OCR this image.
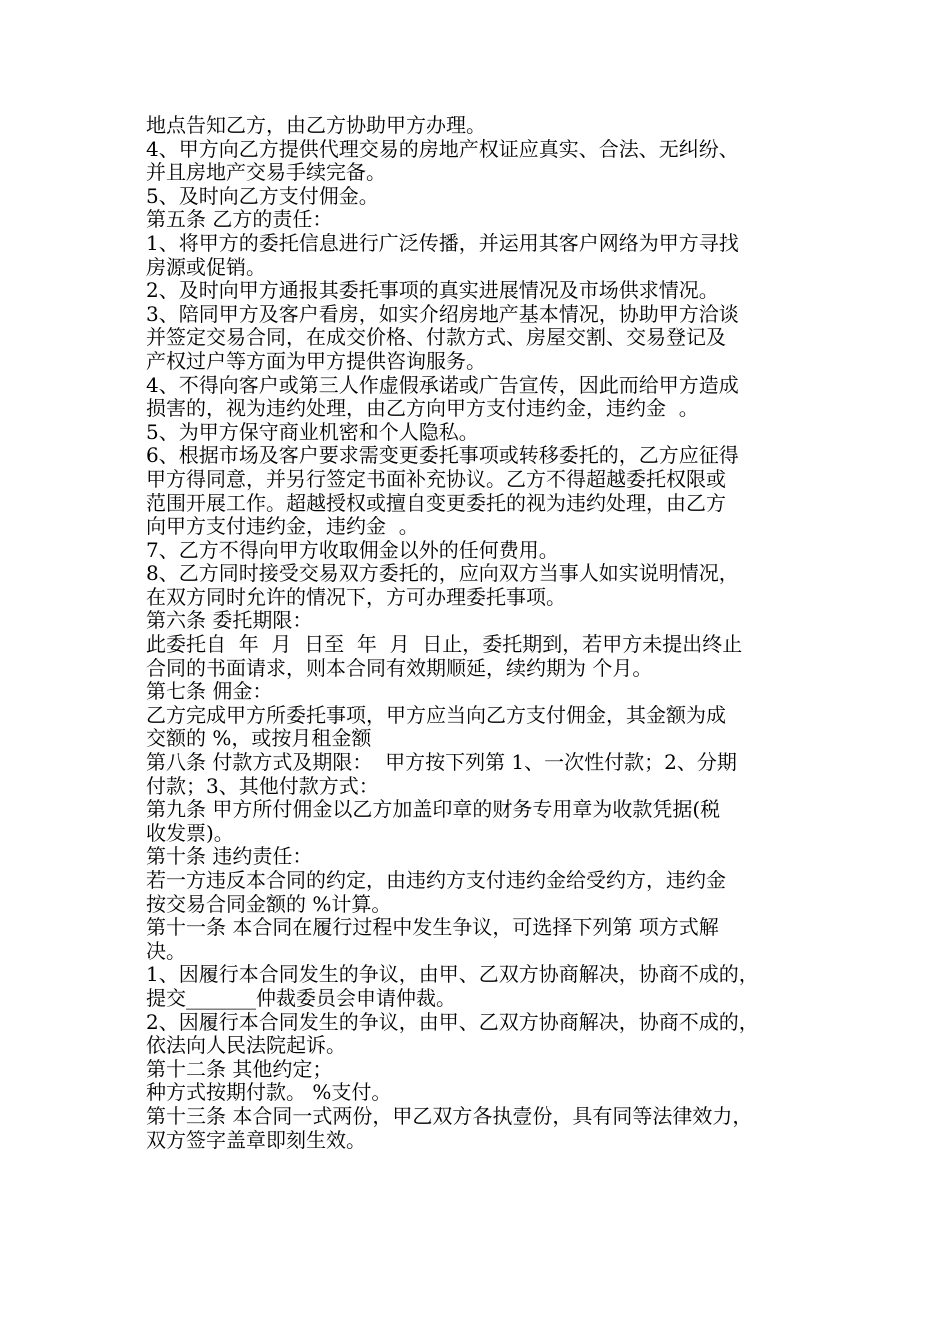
地点告知乙方，由乙方协助甲方办理。
4、甲方向乙方提供代理交易的房地产权证应真实、合法、无纠纷、
并且房地产交易手续完备。
5、及时向乙方支付佣金。
第五条 乙方的责任：
1、将甲方的委托信息进行广泛传播，并运用其客户网络为甲方寻找
房源或促销。
2、及时向甲方通报其委托事项的真实进展情况及市场供求情况。
3、陪同甲方及客户看房，如实介绍房地产基本情况，协助甲方洽谈
并签定交易合同，在成交价格、付款方式、房屋交割、交易登记及
产权过户等方面为甲方提供咨询服务。
4、不得向客户或第三人作虚假承诺或广告宣传，因此而给甲方造成
损害的，视为违约处理，由乙方向甲方支付违约金，违约金  。
5、为甲方保守商业机密和个人隐私。
6、根据市场及客户要求需变更委托事项或转移委托的，乙方应征得
甲方得同意，并另行签定书面补充协议。乙方不得超越委托权限或
范围开展工作。超越授权或擅自变更委托的视为违约处理，由乙方
向甲方支付违约金，违约金  。
7、乙方不得向甲方收取佣金以外的任何费用。
8、乙方同时接受交易双方委托的，应向双方当事人如实说明情况，
在双方同时允许的情况下，方可办理委托事项。
第六条 委托期限：
此委托自  年  月  日至  年  月  日止，委托期到，若甲方未提出终止
合同的书面请求，则本合同有效期顺延，续约期为 个月。
第七条 佣金：
乙方完成甲方所委托事项，甲方应当向乙方支付佣金，其金额为成
交额的 %，或按月租金额
第八条 付款方式及期限：  甲方按下列第 1、一次性付款；2、分期
付款；3、其他付款方式：
第九条 甲方所付佣金以乙方加盖印章的财务专用章为收款凭据(税
收发票)。
第十条 违约责任：
若一方违反本合同的约定，由违约方支付违约金给受约方，违约金
按交易合同金额的 %计算。
第十一条 本合同在履行过程中发生争议，可选择下列第 项方式解
决。
1、因履行本合同发生的争议，由甲、乙双方协商解决，协商不成的，
提交_______仲裁委员会申请仲裁。
2、因履行本合同发生的争议，由甲、乙双方协商解决，协商不成的，
依法向人民法院起诉。
第十二条 其他约定；
种方式按期付款。 %支付。
第十三条 本合同一式两份，甲乙双方各执壹份，具有同等法律效力，
双方签字盖章即刻生效。
